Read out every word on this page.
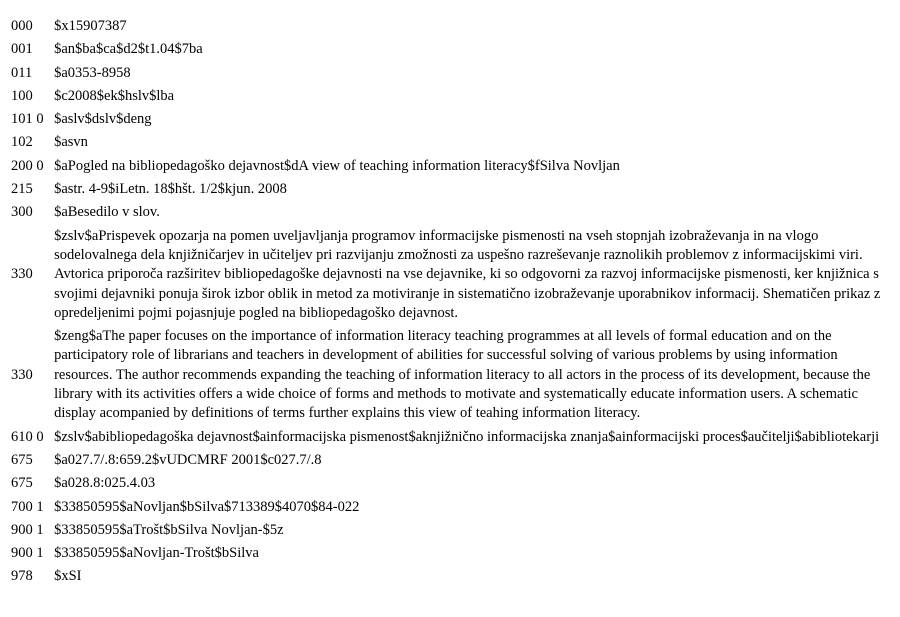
000	$x15907387
001	$an$ba$ca$d2$t1.04$7ba
011	$a0353-8958
100	$c2008$ek$hslv$lba
101 0	$aslv$dslv$deng
102	$asvn
200 0	$aPogled na bibliopedagoško dejavnost$dA view of teaching information literacy$fSilva Novljan
215	$astr. 4-9$iLetn. 18$hšt. 1/2$kjun. 2008
300	$aBesedilo v slov.
330	$zslv$aPrispevek opozarja na pomen uveljavljanja programov informacijske pismenosti na vseh stopnjah izobraževanja in na vlogo sodelovalnega dela knjižničarjev in učiteljev pri razvijanju zmožnosti za uspešno razreševanje raznolikih problemov z informacijskimi viri. Avtorica priporoča razširitev bibliopedagoške dejavnosti na vse dejavnike, ki so odgovorni za razvoj informacijske pismenosti, ker knjižnica s svojimi dejavniki ponuja širok izbor oblik in metod za motiviranje in sistematično izobraževanje uporabnikov informacij. Shematičen prikaz z opredeljenimi pojmi pojasnjuje pogled na bibliopedagoško dejavnost.
330	$zeng$aThe paper focuses on the importance of information literacy teaching programmes at all levels of formal education and on the participatory role of librarians and teachers in development of abilities for successful solving of various problems by using information resources. The author recommends expanding the teaching of information literacy to all actors in the process of its development, because the library with its activities offers a wide choice of forms and methods to motivate and systematically educate information users. A schematic display acompanied by definitions of terms further explains this view of teahing information literacy.
610 0	$zslv$abibliopedagoška dejavnost$ainformacijska pismenost$aknjižnično informacijska znanja$ainformacijski proces$aučitelji$abibliotekarji
675	$a027.7/.8:659.2$vUDCMRF 2001$c027.7/.8
675	$a028.8:025.4.03
700 1	$33850595$aNovljan$bSilva$713389$4070$84-022
900 1	$33850595$aTrošt$bSilva Novljan-$5z
900 1	$33850595$aNovljan-Trošt$bSilva
978	$xSI
